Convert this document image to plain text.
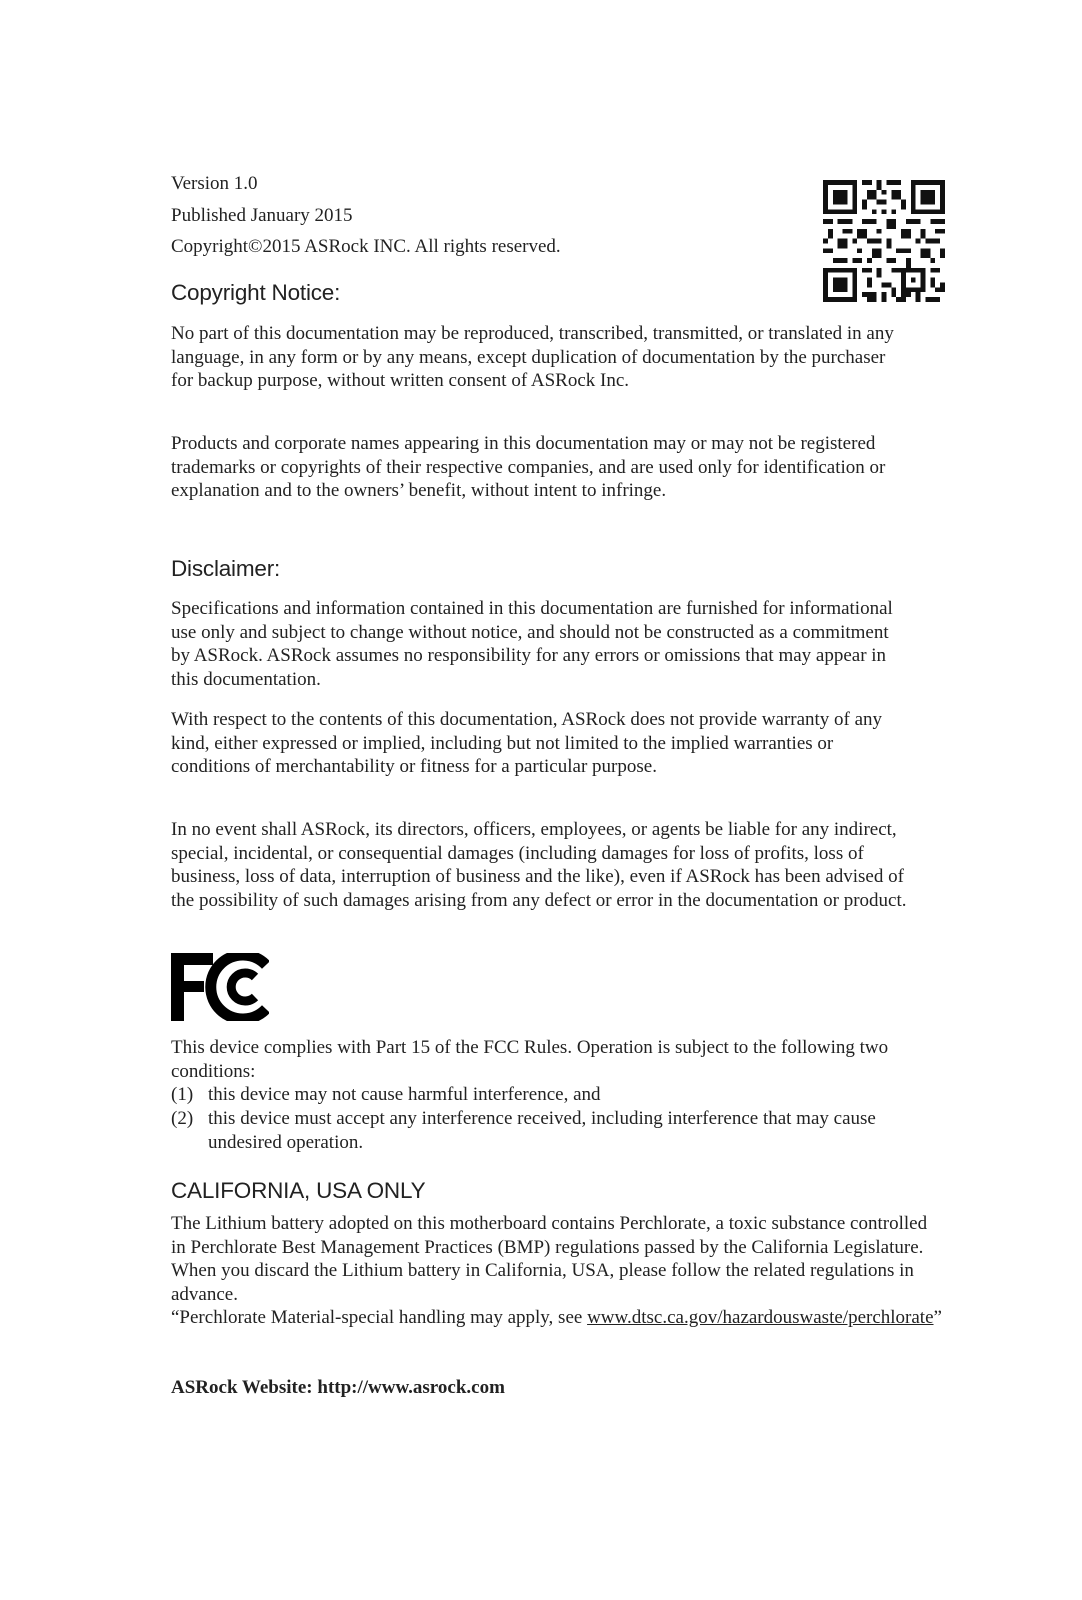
Version 1.0

Published January 2015

Copyright©2015 ASRock INC. All rights reserved.

Copyright Notice:

No part of this documentation may be reproduced, transcribed, transmitted, or translated in any language, in any form or by any means, except duplication of documentation by the purchaser for backup purpose, without written consent of ASRock Inc.

Products and corporate names appearing in this documentation may or may not be registered trademarks or copyrights of their respective companies, and are used only for identification or explanation and to the owners’ benefit, without intent to infringe.

Disclaimer:

Specifications and information contained in this documentation are furnished for informational use only and subject to change without notice, and should not be constructed as a commitment by ASRock. ASRock assumes no responsibility for any errors or omissions that may appear in this documentation.

With respect to the contents of this documentation, ASRock does not provide warranty of any kind, either expressed or implied, including but not limited to the implied warranties or conditions of merchantability or fitness for a particular purpose.

In no event shall ASRock, its directors, officers, employees, or agents be liable for any indirect, special, incidental, or consequential damages (including damages for loss of profits, loss of business, loss of data, interruption of business and the like), even if ASRock has been advised of the possibility of such damages arising from any defect or error in the documentation or product.

This device complies with Part 15 of the FCC Rules. Operation is subject to the following two conditions:

(1) this device may not cause harmful interference, and
(2) this device must accept any interference received, including interference that may cause undesired operation.
CALIFORNIA, USA ONLY

The Lithium battery adopted on this motherboard contains Perchlorate, a toxic substance controlled in Perchlorate Best Management Practices (BMP) regulations passed by the California Legislature. When you discard the Lithium battery in California, USA, please follow the related regulations in advance.

“Perchlorate Material-special handling may apply, see www.dtsc.ca.gov/hazardouswaste/perchlorate”

ASRock Website: http://www.asrock.com
